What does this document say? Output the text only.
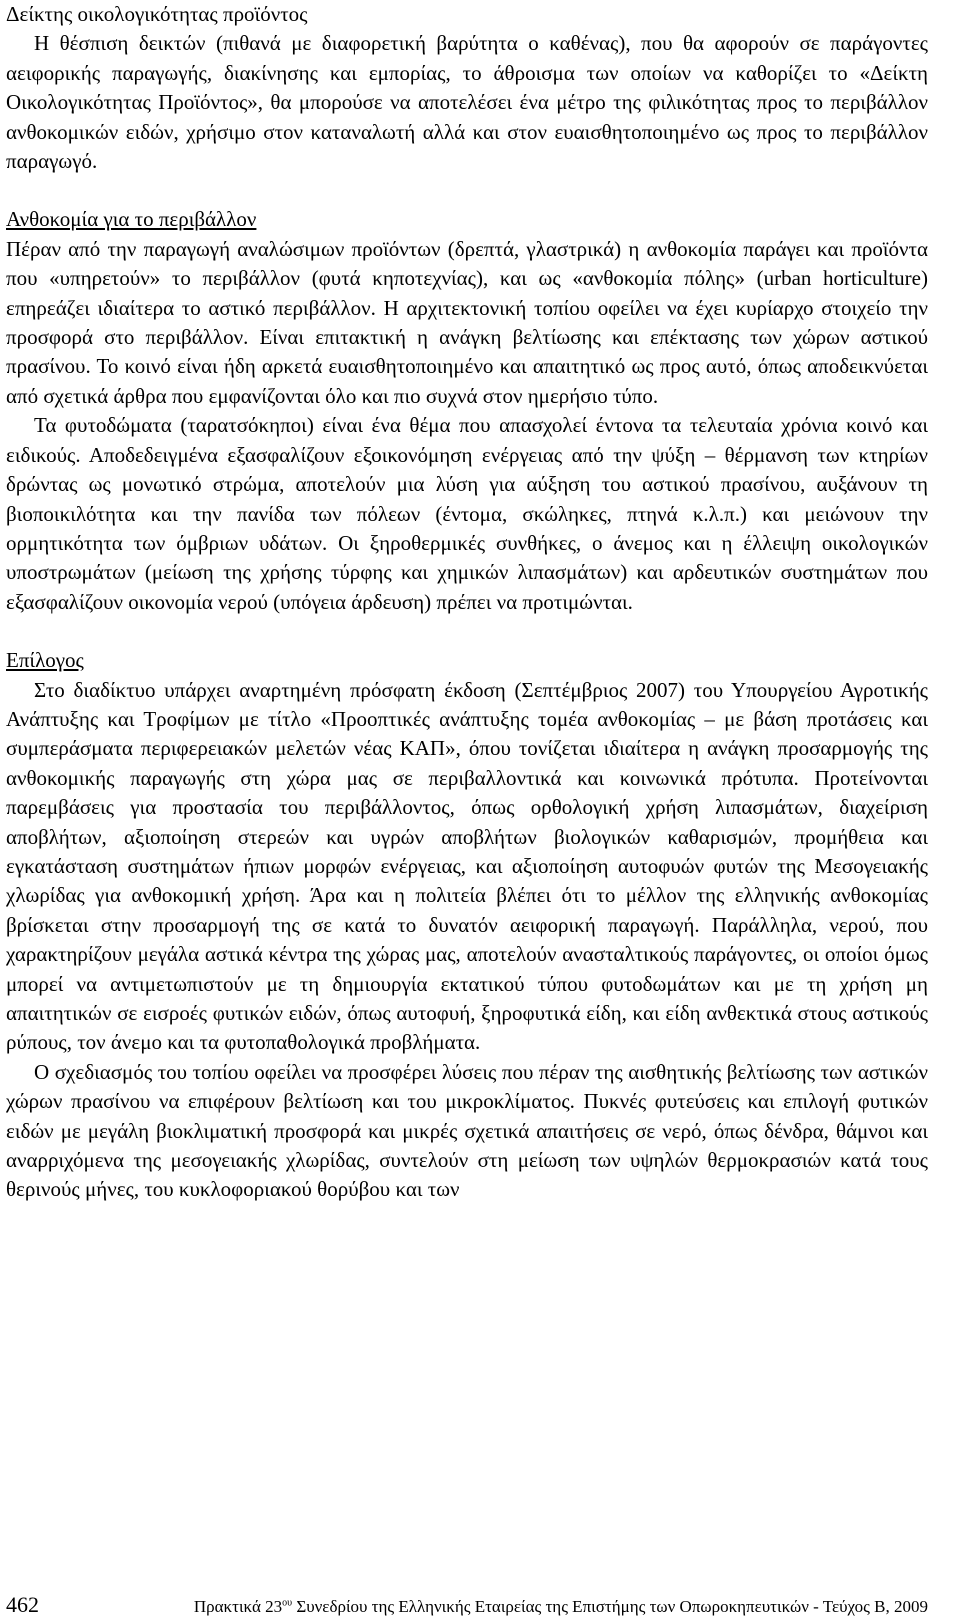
Δείκτης οικολογικότητας προϊόντος

Η θέσπιση δεικτών (πιθανά με διαφορετική βαρύτητα ο καθένας), που θα αφορούν σε παράγοντες αειφορικής παραγωγής, διακίνησης και εμπορίας, το άθροισμα των οποίων να καθορίζει το «Δείκτη Οικολογικότητας Προϊόντος», θα μπορούσε να αποτελέσει ένα μέτρο της φιλικότητας προς το περιβάλλον ανθοκομικών ειδών, χρήσιμο στον καταναλωτή αλλά και στον ευαισθητοποιημένο ως προς το περιβάλλον παραγωγό.

Ανθοκομία για το περιβάλλον

Πέραν από την παραγωγή αναλώσιμων προϊόντων (δρεπτά, γλαστρικά) η ανθοκομία παράγει και προϊόντα που «υπηρετούν» το περιβάλλον (φυτά κηποτεχνίας), και ως «ανθοκομία πόλης» (urban horticulture) επηρεάζει ιδιαίτερα το αστικό περιβάλλον. Η αρχιτεκτονική τοπίου οφείλει να έχει κυρίαρχο στοιχείο την προσφορά στο περιβάλλον. Είναι επιτακτική η ανάγκη βελτίωσης και επέκτασης των χώρων αστικού πρασίνου. Το κοινό είναι ήδη αρκετά ευαισθητοποιημένο και απαιτητικό ως προς αυτό, όπως αποδεικνύεται από σχετικά άρθρα που εμφανίζονται όλο και πιο συχνά στον ημερήσιο τύπο.

Τα φυτοδώματα (ταρατσόκηποι) είναι ένα θέμα που απασχολεί έντονα τα τελευταία χρόνια κοινό και ειδικούς. Αποδεδειγμένα εξασφαλίζουν εξοικονόμηση ενέργειας από την ψύξη – θέρμανση των κτηρίων δρώντας ως μονωτικό στρώμα, αποτελούν μια λύση για αύξηση του αστικού πρασίνου, αυξάνουν τη βιοποικιλότητα και την πανίδα των πόλεων (έντομα, σκώληκες, πτηνά κ.λ.π.) και μειώνουν την ορμητικότητα των όμβριων υδάτων. Οι ξηροθερμικές συνθήκες, ο άνεμος και η έλλειψη οικολογικών υποστρωμάτων (μείωση της χρήσης τύρφης και χημικών λιπασμάτων) και αρδευτικών συστημάτων που εξασφαλίζουν οικονομία νερού (υπόγεια άρδευση) πρέπει να προτιμώνται.

Επίλογος

Στο διαδίκτυο υπάρχει αναρτημένη πρόσφατη έκδοση (Σεπτέμβριος 2007) του Υπουργείου Αγροτικής Ανάπτυξης και Τροφίμων με τίτλο «Προοπτικές ανάπτυξης τομέα ανθοκομίας – με βάση προτάσεις και συμπεράσματα περιφερειακών μελετών νέας ΚΑΠ», όπου τονίζεται ιδιαίτερα η ανάγκη προσαρμογής της ανθοκομικής παραγωγής στη χώρα μας σε περιβαλλοντικά και κοινωνικά πρότυπα. Προτείνονται παρεμβάσεις για προστασία του περιβάλλοντος, όπως ορθολογική χρήση λιπασμάτων, διαχείριση αποβλήτων, αξιοποίηση στερεών και υγρών αποβλήτων βιολογικών καθαρισμών, προμήθεια και εγκατάσταση συστημάτων ήπιων μορφών ενέργειας, και αξιοποίηση αυτοφυών φυτών της Μεσογειακής χλωρίδας για ανθοκομική χρήση. Άρα και η πολιτεία βλέπει ότι το μέλλον της ελληνικής ανθοκομίας βρίσκεται στην προσαρμογή της σε κατά το δυνατόν αειφορική παραγωγή. Παράλληλα, νερού, που χαρακτηρίζουν μεγάλα αστικά κέντρα της χώρας μας, αποτελούν ανασταλτικούς παράγοντες, οι οποίοι όμως μπορεί να αντιμετωπιστούν με τη δημιουργία εκτατικού τύπου φυτοδωμάτων και με τη χρήση μη απαιτητικών σε εισροές φυτικών ειδών, όπως αυτοφυή, ξηροφυτικά είδη, και είδη ανθεκτικά στους αστικούς ρύπους, τον άνεμο και τα φυτοπαθολογικά προβλήματα.

Ο σχεδιασμός του τοπίου οφείλει να προσφέρει λύσεις που πέραν της αισθητικής βελτίωσης των αστικών χώρων πρασίνου να επιφέρουν βελτίωση και του μικροκλίματος. Πυκνές φυτεύσεις και επιλογή φυτικών ειδών με μεγάλη βιοκλιματική προσφορά και μικρές σχετικά απαιτήσεις σε νερό, όπως δένδρα, θάμνοι και αναρριχόμενα της μεσογειακής χλωρίδας, συντελούν στη μείωση των υψηλών θερμοκρασιών κατά τους θερινούς μήνες, του κυκλοφοριακού θορύβου και των

462	Πρακτικά $23^{o\upsilon}$ Συνεδρίου της Ελληνικής Εταιρείας της Επιστήμης των Οπωροκηπευτικών - Τεύχος Β, 2009
